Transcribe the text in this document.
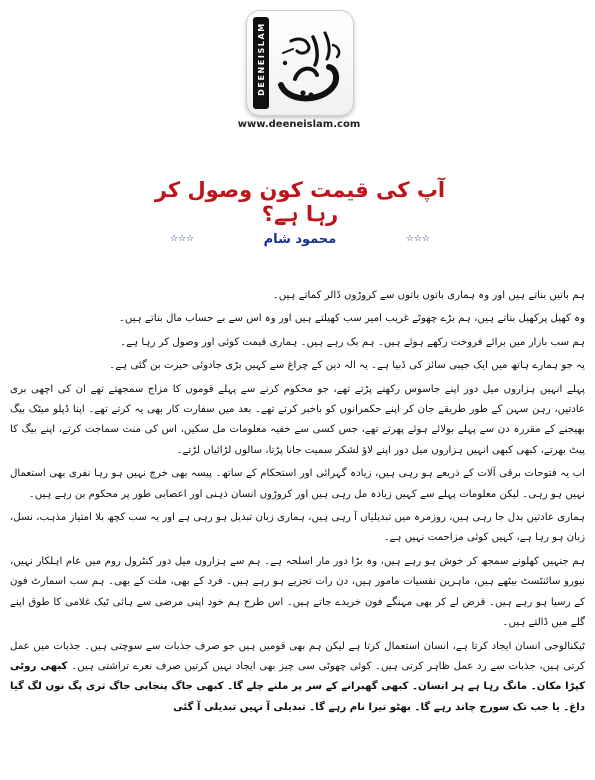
DEENEISLAM
www.deeneislam.com
آپ کی قیمت کون وصول کر رہا ہے؟
☆☆☆	محمود شام	☆☆☆

ہم باتیں بناتے ہیں اور وہ ہماری باتوں باتوں سے کروڑوں ڈالر کماتے ہیں۔

وہ کھیل پرکھیل بناتے ہیں، ہم بڑے چھوٹے غریب امیر سب کھیلتے ہیں اور وہ اس سے بے حساب مال بناتے ہیں۔

ہم سب بازار میں برائے فروخت رکھے ہوئے ہیں۔ ہم بک رہے ہیں۔ ہماری قیمت کوئی اور وصول کر رہا ہے۔

یہ جو ہمارے ہاتھ میں ایک جیبی سائز کی ڈبیا ہے۔ یہ الہ دین کے چراغ سے کہیں بڑی جادوئی حیرت بن گئی ہے۔

پہلے انہیں ہزاروں میل دور اپنے جاسوس رکھنے پڑتے تھے، جو محکوم کرنے سے پہلے قوموں کا مزاج سمجھتے تھے ان کی اچھی بری عادتیں، رہن سہن کے طور طریقے جان کر اپنے حکمرانوں کو باخبر کرتے تھے۔ بعد میں سفارت کار بھی یہ کرتے تھے۔ اپنا ڈپلو میٹک بیگ بھیجنے کے مقررہ دن سے پہلے بولائے ہوئے پھرتے تھے، جس کسی سے خفیہ معلومات مل سکیں، اس کی منت سماجت کرتے، اپنے بیگ کا پیٹ بھرتے، کبھی کبھی انہیں ہزاروں میل دور اپنے لاؤ لشکر سمیت جانا پڑتا، سالوں لڑائیاں لڑتے۔

اب یہ فتوحات برقی آلات کے ذریعے ہو رہی ہیں، زیادہ گہرائی اور استحکام کے ساتھ۔ پیسہ بھی خرچ نہیں ہو رہا نفری بھی استعمال نہیں ہو رہی۔ لیکن معلومات پہلے سے کہیں زیادہ مل رہی ہیں اور کروڑوں انسان ذہنی اور اعصابی طور پر محکوم بن رہے ہیں۔

ہماری عادتیں بدل جا رہی ہیں، روزمرہ میں تبدیلیاں آ رہی ہیں، ہماری زبان تبدیل ہو رہی ہے اور یہ سب کچھ بلا امتیاز مذہب، نسل، زبان ہو رہا ہے، کہیں کوئی مزاحمت نہیں ہے۔

ہم جنہیں کھلونے سمجھ کر خوش ہو رہے ہیں، وہ بڑا دور مار اسلحہ ہے۔ ہم سے ہزاروں میل دور کنٹرول روم میں عام اہلکار نہیں، نیورو سائنٹسٹ بیٹھے ہیں، ماہرین نفسیات مامور ہیں، دن رات تجزیے ہو رہے ہیں۔ فرد کے بھی، ملت کے بھی۔ ہم سب اسمارٹ فون کے رسیا ہو رہے ہیں۔ قرض لے کر بھی مہنگے فون خریدے جاتے ہیں۔ اس طرح ہم خود اپنی مرضی سے ہائی ٹیک غلامی کا طوق اپنے گلے میں ڈالتے ہیں۔

ٹیکنالوجی انسان ایجاد کرتا ہے، انسان استعمال کرتا ہے لیکن ہم بھی قومیں ہیں جو صرف جذبات سے سوچتی ہیں۔ جذبات میں عمل کرتی ہیں، جذبات سے رد عمل ظاہر کرتی ہیں۔ کوئی چھوٹی سی چیز بھی ایجاد نہیں کرتیں صرف نعرے تراشتی ہیں۔ کبھی روٹی کپڑا مکان۔ مانگ رہا ہے ہر انسان۔ کبھی گھبرانے کے سر پر ملنے چلے گا۔ کبھی جاگ پنجابی جاگ تری پگ نوں لگ گیا داغ۔ یا جب تک سورج چاند رہے گا۔ بھٹو تیرا نام رہے گا۔ تبدیلی آ نہیں تبدیلی آ گئی
